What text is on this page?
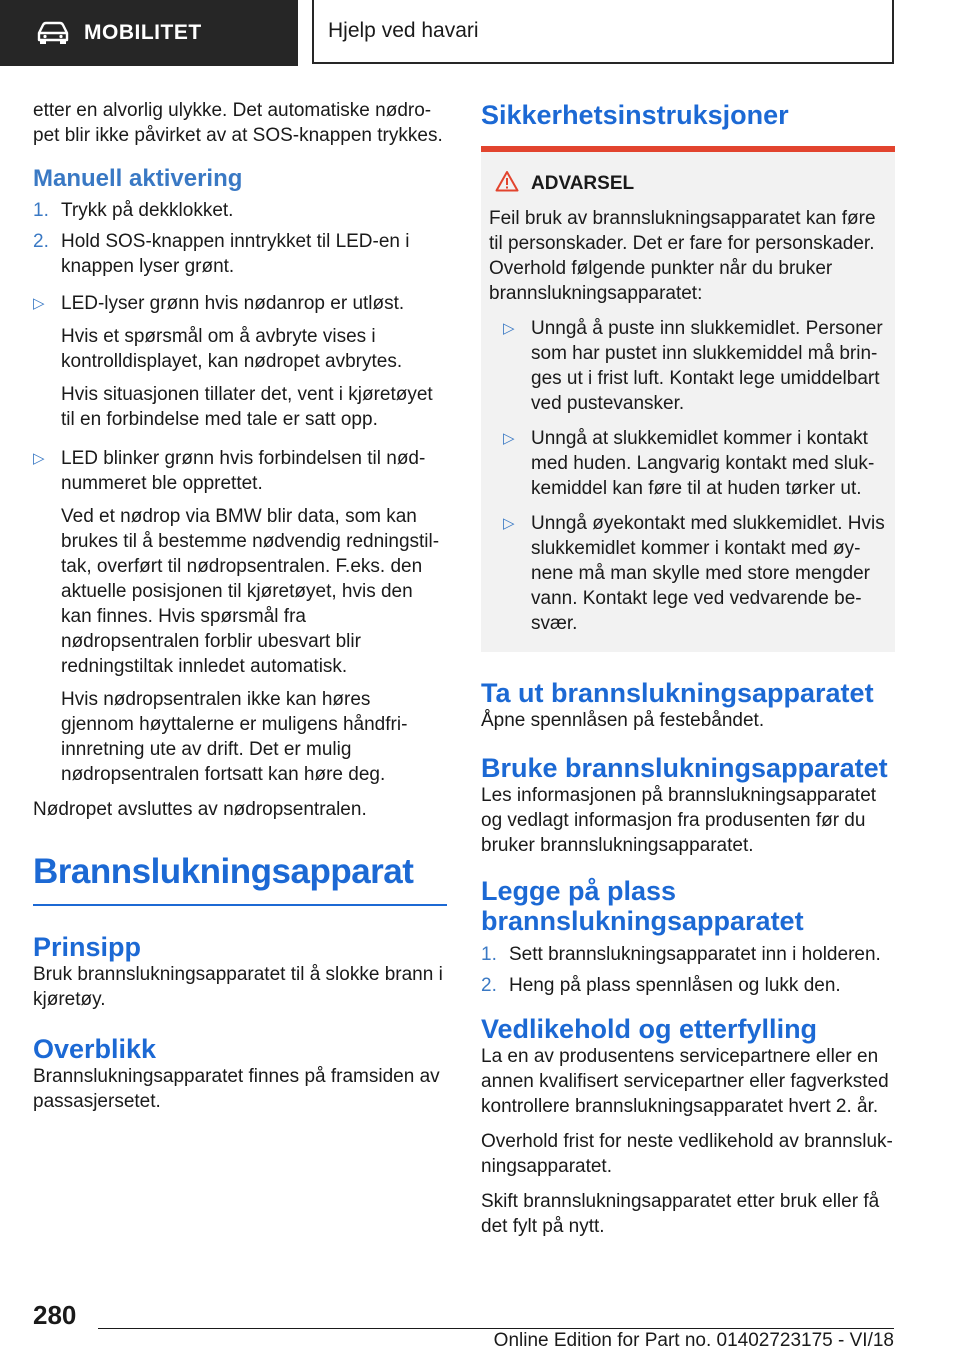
MOBILITET	Hjelp ved havari

etter en alvorlig ulykke. Det automatiske nødropet blir ikke påvirket av at SOS-knappen trykkes.

Manuell aktivering
1. Trykk på dekklokket.
2. Hold SOS-knappen inntrykket til LED-en i knappen lyser grønt.
▷ LED-lyser grønn hvis nødanrop er utløst.

Hvis et spørsmål om å avbryte vises i kontrolldisplayet, kan nødropet avbrytes.

Hvis situasjonen tillater det, vent i kjøretøyet til en forbindelse med tale er satt opp.

▷ LED blinker grønn hvis forbindelsen til nødnummeret ble opprettet.

Ved et nødrop via BMW blir data, som kan brukes til å bestemme nødvendig redningstiltak, overført til nødropsentralen. F.eks. den aktuelle posisjonen til kjøretøyet, hvis den kan finnes. Hvis spørsmål fra nødropsentralen forblir ubesvart blir redningstiltak innledet automatisk.

Hvis nødropsentralen ikke kan høres gjennom høyttalerne er muligens håndfri-innretning ute av drift. Det er mulig nødropsentralen fortsatt kan høre deg.

Nødropet avsluttes av nødropsentralen.

Brannslukningsapparat
Prinsipp

Bruk brannslukningsapparatet til å slokke brann i kjøretøy.

Overblikk

Brannslukningsapparatet finnes på framsiden av passasjersetet.

Sikkerhetsinstruksjoner
ADVARSEL

Feil bruk av brannslukningsapparatet kan føre til personskader. Det er fare for personskader. Overhold følgende punkter når du bruker brannslukningsapparatet:

▷ Unngå å puste inn slukkemidlet. Personer som har pustet inn slukkemiddel må bringes ut i frist luft. Kontakt lege umiddelbart ved pustevansker.
▷ Unngå at slukkemidlet kommer i kontakt med huden. Langvarig kontakt med slukkemiddel kan føre til at huden tørker ut.
▷ Unngå øyekontakt med slukkemidlet. Hvis slukkemidlet kommer i kontakt med øynene må man skylle med store mengder vann. Kontakt lege ved vedvarende besvær.
Ta ut brannslukningsapparatet

Åpne spennlåsen på festebåndet.

Bruke brannslukningsapparatet

Les informasjonen på brannslukningsapparatet og vedlagt informasjon fra produsenten før du bruker brannslukningsapparatet.

Legge på plass brannslukningsapparatet
1. Sett brannslukningsapparatet inn i holderen.
2. Heng på plass spennlåsen og lukk den.
Vedlikehold og etterfylling

La en av produsentens servicepartnere eller en annen kvalifisert servicepartner eller fagverksted kontrollere brannslukningsapparatet hvert 2. år.

Overhold frist for neste vedlikehold av brannslukningsapparatet.

Skift brannslukningsapparatet etter bruk eller få det fylt på nytt.

280
Online Edition for Part no. 01402723175 - VI/18
